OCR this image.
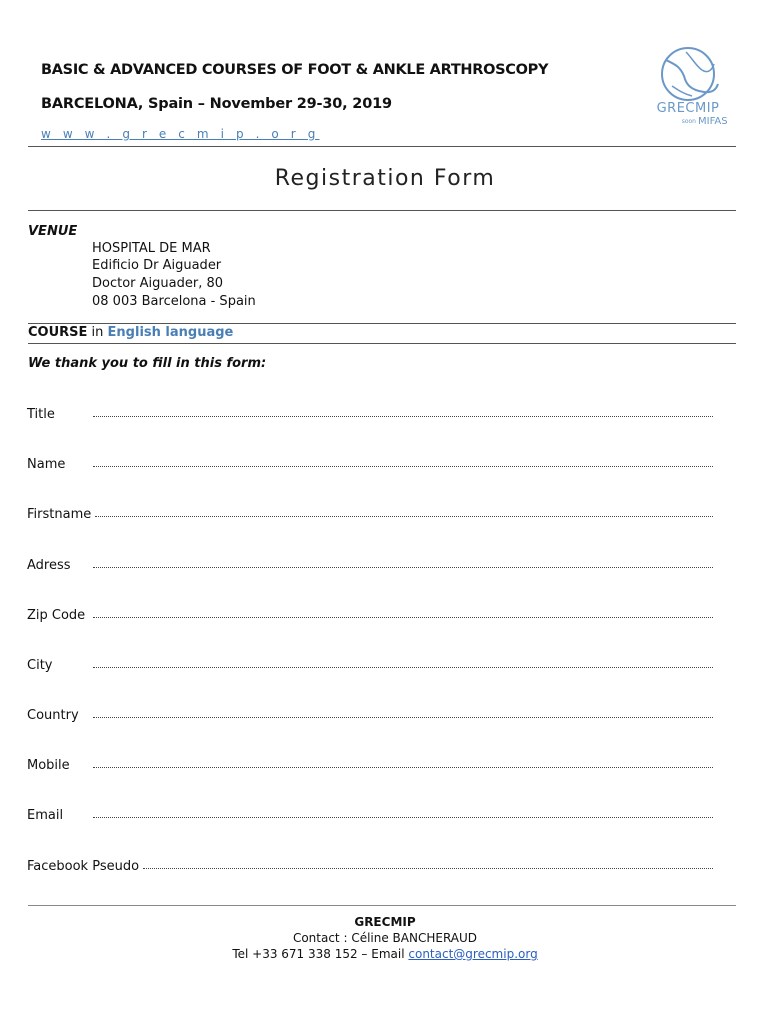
BASIC & ADVANCED COURSES OF FOOT & ANKLE ARTHROSCOPY
BARCELONA, Spain – November 29-30, 2019
w w w . g r e c m i p . o r g
GRECMIP
soon MIFAS
Registration Form
VENUE
HOSPITAL DE MAR
Edificio Dr Aiguader
Doctor Aiguader, 80
08 003 Barcelona - Spain
COURSE in English language
We thank you to fill in this form:
Title
Name
Firstname
Adress
Zip Code
City
Country
Mobile
Email
Facebook Pseudo
GRECMIP
Contact : Céline BANCHERAUD
Tel +33 671 338 152 – Email contact@grecmip.org
